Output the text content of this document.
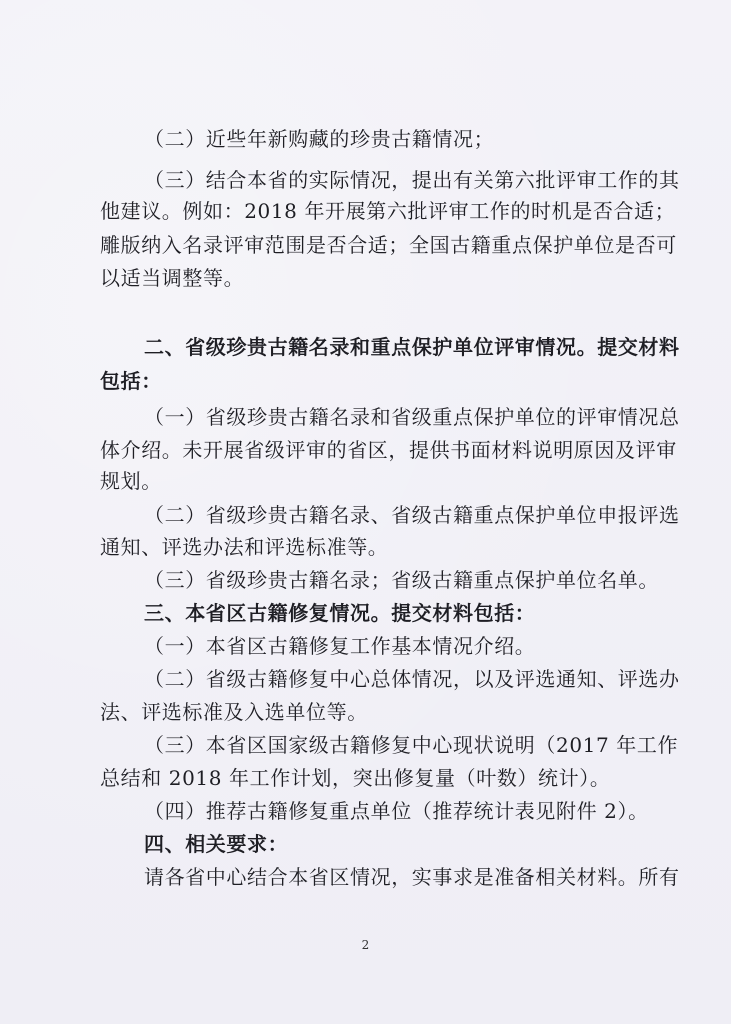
（二）近些年新购藏的珍贵古籍情况；
（三）结合本省的实际情况，提出有关第六批评审工作的其
他建议。例如：2018 年开展第六批评审工作的时机是否合适；
雕版纳入名录评审范围是否合适；全国古籍重点保护单位是否可
以适当调整等。
二、省级珍贵古籍名录和重点保护单位评审情况。提交材料
包括：
（一）省级珍贵古籍名录和省级重点保护单位的评审情况总
体介绍。未开展省级评审的省区，提供书面材料说明原因及评审
规划。
（二）省级珍贵古籍名录、省级古籍重点保护单位申报评选
通知、评选办法和评选标准等。
（三）省级珍贵古籍名录；省级古籍重点保护单位名单。
三、本省区古籍修复情况。提交材料包括：
（一）本省区古籍修复工作基本情况介绍。
（二）省级古籍修复中心总体情况，以及评选通知、评选办
法、评选标准及入选单位等。
（三）本省区国家级古籍修复中心现状说明（2017 年工作
总结和 2018 年工作计划，突出修复量（叶数）统计）。
（四）推荐古籍修复重点单位（推荐统计表见附件 2）。
四、相关要求：
请各省中心结合本省区情况，实事求是准备相关材料。所有
2
